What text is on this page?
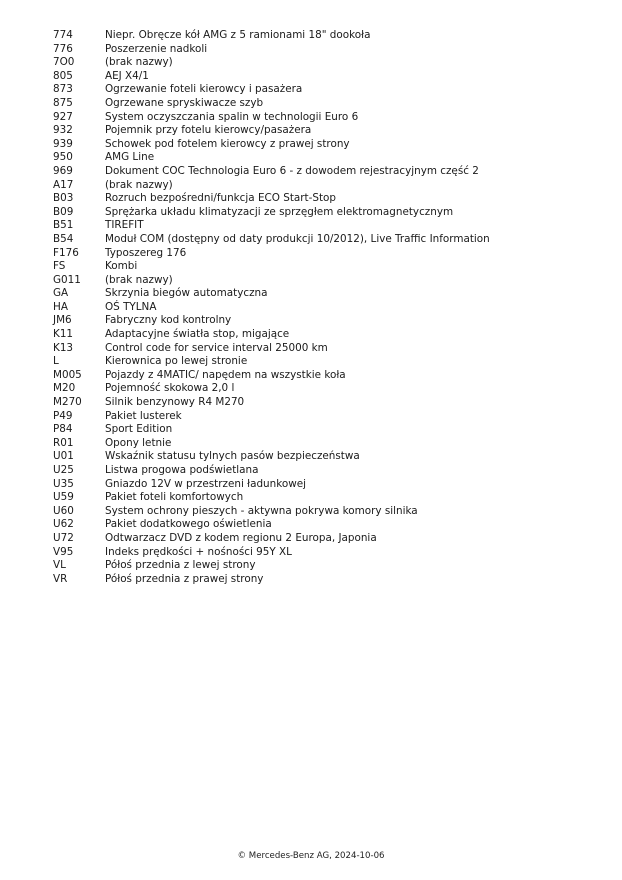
774	Niepr. Obręcze kół AMG z 5 ramionami 18" dookoła
776	Poszerzenie nadkoli
7O0	(brak nazwy)
805	AEJ X4/1
873	Ogrzewanie foteli kierowcy i pasażera
875	Ogrzewane spryskiwacze szyb
927	System oczyszczania spalin w technologii Euro 6
932	Pojemnik przy fotelu kierowcy/pasażera
939	Schowek pod fotelem kierowcy z prawej strony
950	AMG Line
969	Dokument COC Technologia Euro 6 - z dowodem rejestracyjnym część 2
A17	(brak nazwy)
B03	Rozruch bezpośredni/funkcja ECO Start-Stop
B09	Sprężarka układu klimatyzacji ze sprzęgłem elektromagnetycznym
B51	TIREFIT
B54	Moduł COM (dostępny od daty produkcji 10/2012), Live Traffic Information
F176	Typoszereg 176
FS	Kombi
G011	(brak nazwy)
GA	Skrzynia biegów automatyczna
HA	OŚ TYLNA
JM6	Fabryczny kod kontrolny
K11	Adaptacyjne światła stop, migające
K13	Control code for service interval 25000 km
L	Kierownica po lewej stronie
M005	Pojazdy z 4MATIC/ napędem na wszystkie koła
M20	Pojemność skokowa 2,0 l
M270	Silnik benzynowy R4 M270
P49	Pakiet lusterek
P84	Sport Edition
R01	Opony letnie
U01	Wskaźnik statusu tylnych pasów bezpieczeństwa
U25	Listwa progowa podświetlana
U35	Gniazdo 12V w przestrzeni ładunkowej
U59	Pakiet foteli komfortowych
U60	System ochrony pieszych - aktywna pokrywa komory silnika
U62	Pakiet dodatkowego oświetlenia
U72	Odtwarzacz DVD z kodem regionu 2 Europa, Japonia
V95	Indeks prędkości + nośności 95Y XL
VL	Półoś przednia z lewej strony
VR	Półoś przednia z prawej strony
© Mercedes-Benz AG, 2024-10-06
